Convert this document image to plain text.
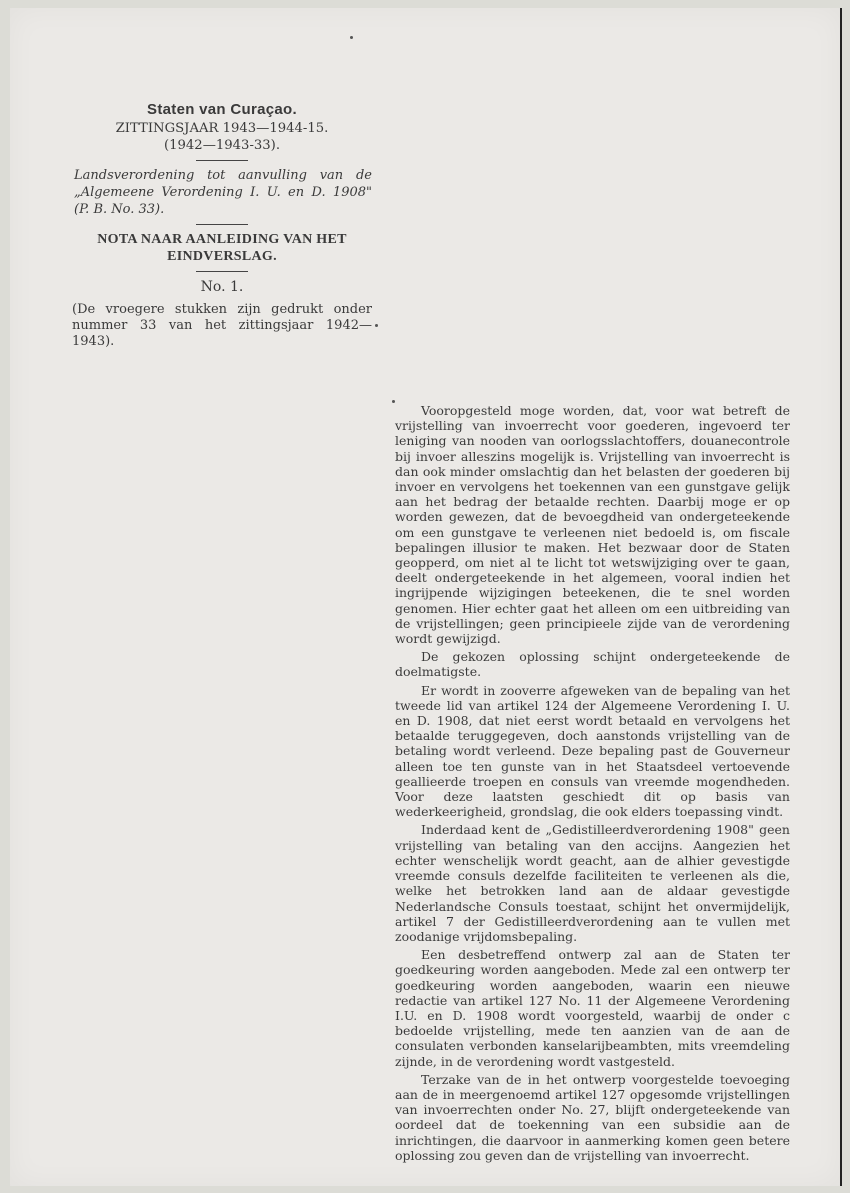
Staten van Curaçao.

ZITTINGSJAAR 1943—1944-15.

(1942—1943-33).

Landsverordening tot aanvulling van de „Algemeene Verordening I. U. en D. 1908" (P. B. No. 33).

NOTA NAAR AANLEIDING VAN HET EINDVERSLAG.

No. 1.

(De vroegere stukken zijn gedrukt onder nummer 33 van het zittingsjaar 1942—1943).

Vooropgesteld moge worden, dat, voor wat betreft de vrijstelling van invoerrecht voor goederen, ingevoerd ter leniging van nooden van oorlogsslachtoffers, douanecontrole bij invoer alleszins mogelijk is. Vrijstelling van invoerrecht is dan ook minder omslachtig dan het belasten der goederen bij invoer en vervolgens het toekennen van een gunstgave gelijk aan het bedrag der betaalde rechten. Daarbij moge er op worden gewezen, dat de bevoegdheid van ondergeteekende om een gunstgave te verleenen niet bedoeld is, om fiscale bepalingen illusior te maken. Het bezwaar door de Staten geopperd, om niet al te licht tot wetswijziging over te gaan, deelt ondergeteekende in het algemeen, vooral indien het ingrijpende wijzigingen beteekenen, die te snel worden genomen. Hier echter gaat het alleen om een uitbreiding van de vrijstellingen; geen principieele zijde van de verordening wordt gewijzigd.

De gekozen oplossing schijnt ondergeteekende de doelmatigste.

Er wordt in zooverre afgeweken van de bepaling van het tweede lid van artikel 124 der Algemeene Verordening I. U. en D. 1908, dat niet eerst wordt betaald en vervolgens het betaalde teruggegeven, doch aanstonds vrijstelling van de betaling wordt verleend. Deze bepaling past de Gouverneur alleen toe ten gunste van in het Staatsdeel vertoevende geallieerde troepen en consuls van vreemde mogendheden. Voor deze laatsten geschiedt dit op basis van wederkeerigheid, grondslag, die ook elders toepassing vindt.

Inderdaad kent de „Gedistilleerdverordening 1908" geen vrijstelling van betaling van den accijns. Aangezien het echter wenschelijk wordt geacht, aan de alhier gevestigde vreemde consuls dezelfde faciliteiten te verleenen als die, welke het betrokken land aan de aldaar gevestigde Nederlandsche Consuls toestaat, schijnt het onvermijdelijk, artikel 7 der Gedistilleerdverordening aan te vullen met zoodanige vrijdomsbepaling.

Een desbetreffend ontwerp zal aan de Staten ter goedkeuring worden aangeboden. Mede zal een ontwerp ter goedkeuring worden aangeboden, waarin een nieuwe redactie van artikel 127 No. 11 der Algemeene Verordening I.U. en D. 1908 wordt voorgesteld, waarbij de onder c bedoelde vrijstelling, mede ten aanzien van de aan de consulaten verbonden kanselarijbeambten, mits vreemdeling zijnde, in de verordening wordt vastgesteld.

Terzake van de in het ontwerp voorgestelde toevoeging aan de in meergenoemd artikel 127 opgesomde vrijstellingen van invoerrechten onder No. 27, blijft ondergeteekende van oordeel dat de toekenning van een subsidie aan de inrichtingen, die daarvoor in aanmerking komen geen betere oplossing zou geven dan de vrijstelling van invoerrecht.
